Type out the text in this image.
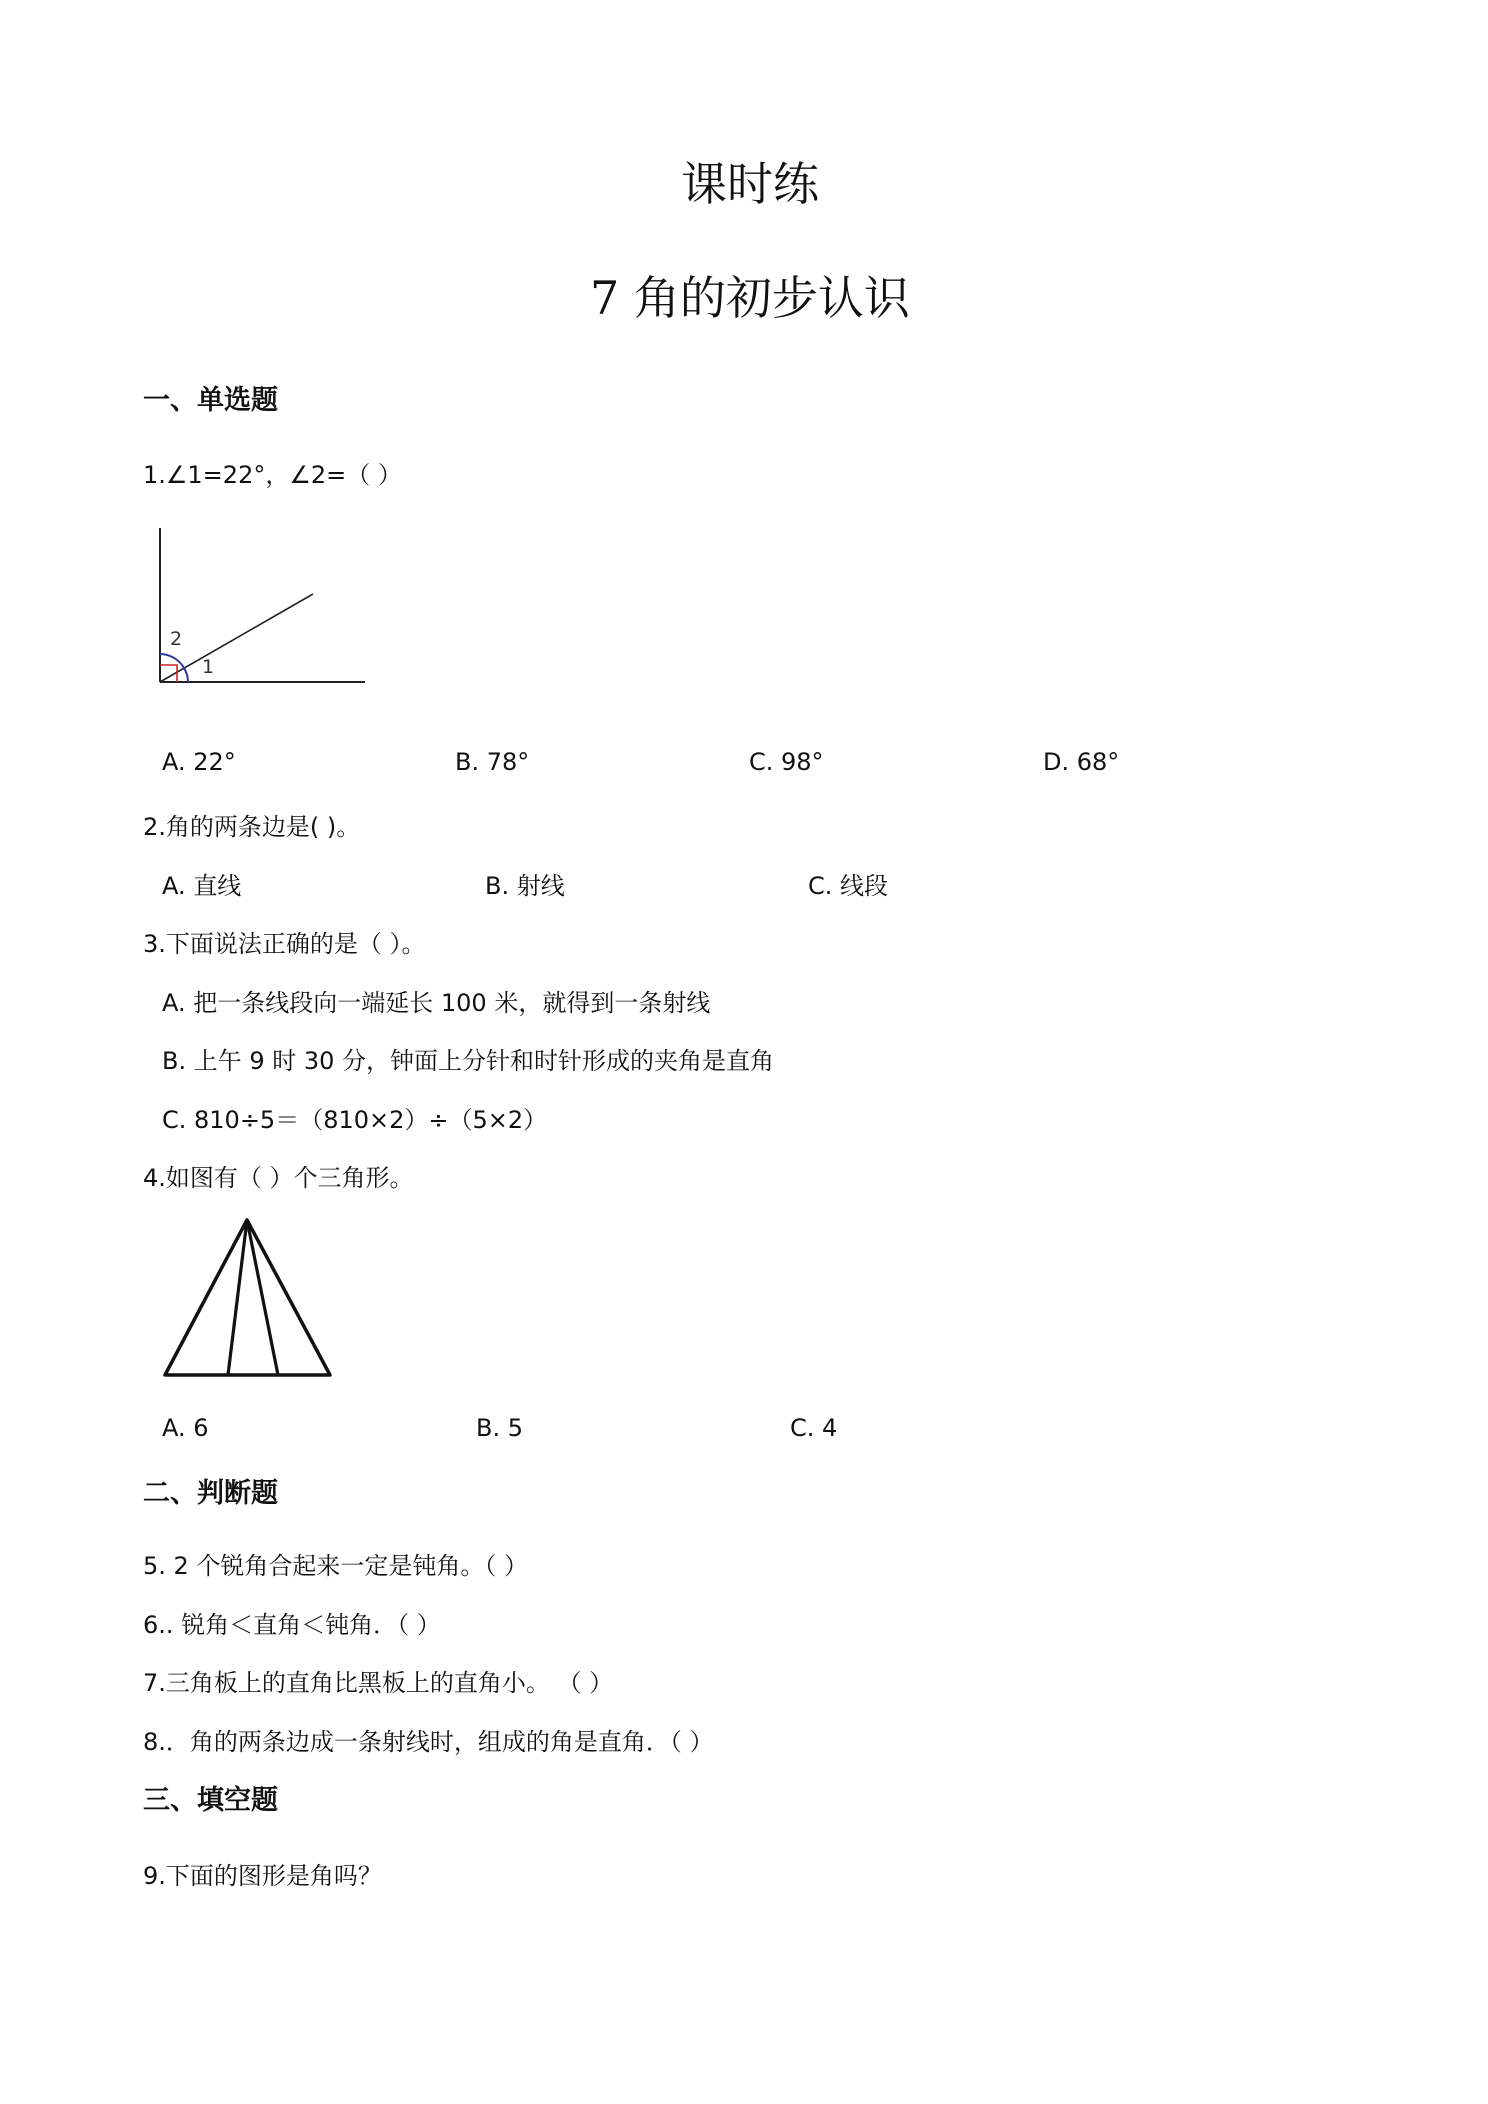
课时练
7 角的初步认识
一、单选题
1.∠1=22°，∠2=（ ）
2
1
A. 22°	B. 78°	C. 98°	D. 68°
2.角的两条边是( )。
A. 直线	B. 射线	C. 线段
3.下面说法正确的是（ ）。
A. 把一条线段向一端延长 100 米，就得到一条射线
B. 上午 9 时 30 分，钟面上分针和时针形成的夹角是直角
C. 810÷5＝（810×2）÷（5×2）
4.如图有（ ）个三角形。
A. 6	B. 5	C. 4
二、判断题
5. 2 个锐角合起来一定是钝角。（ ）
6.. 锐角＜直角＜钝角．（ ）
7.三角板上的直角比黑板上的直角小。 （ ）
8.．角的两条边成一条射线时，组成的角是直角．（ ）
三、填空题
9.下面的图形是角吗？
